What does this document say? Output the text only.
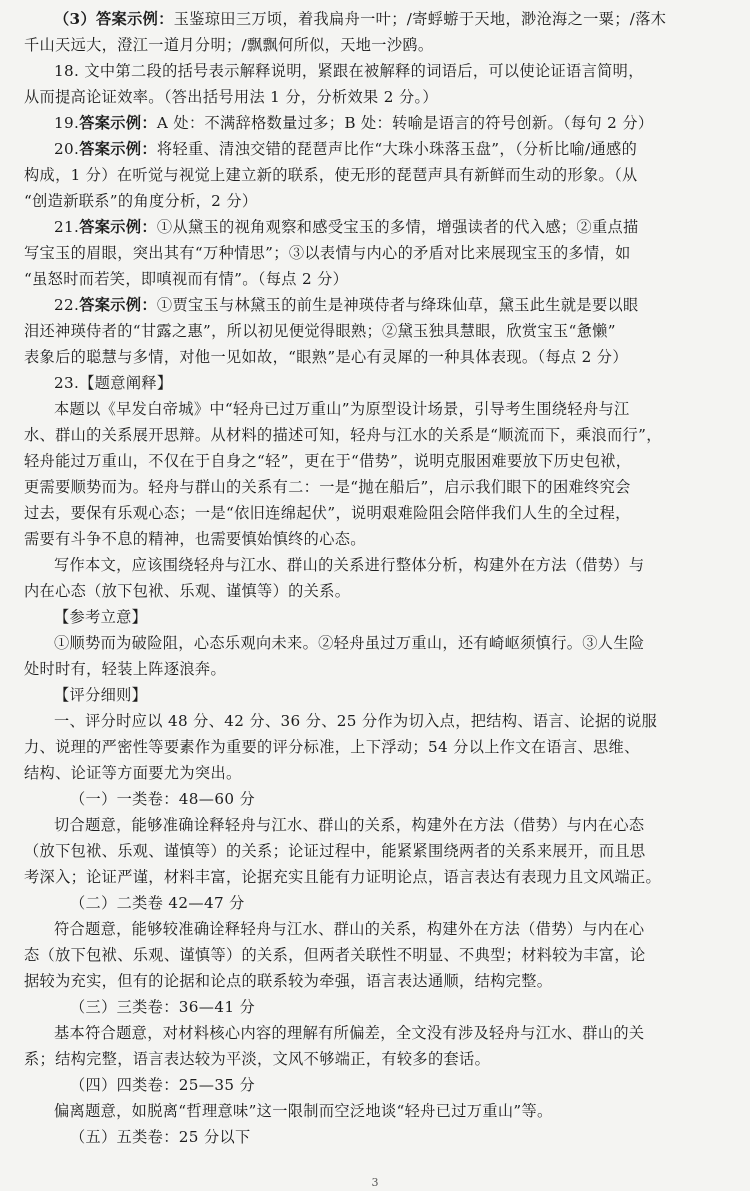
（3）答案示例：玉鉴琼田三万顷，着我扁舟一叶；/寄蜉蝣于天地，渺沧海之一粟；/落木
千山天远大，澄江一道月分明；/飘飘何所似，天地一沙鸥。
18. 文中第二段的括号表示解释说明，紧跟在被解释的词语后，可以使论证语言简明，
从而提高论证效率。（答出括号用法 1 分，分析效果 2 分。）
19.答案示例：A 处：不满辞格数量过多；B 处：转喻是语言的符号创新。（每句 2 分）
20.答案示例：将轻重、清浊交错的琵琶声比作“大珠小珠落玉盘”，（分析比喻/通感的
构成，1 分）在听觉与视觉上建立新的联系，使无形的琵琶声具有新鲜而生动的形象。（从
“创造新联系”的角度分析，2 分）
21.答案示例：①从黛玉的视角观察和感受宝玉的多情，增强读者的代入感；②重点描
写宝玉的眉眼，突出其有“万种情思”；③以表情与内心的矛盾对比来展现宝玉的多情，如
“虽怒时而若笑，即嗔视而有情”。（每点 2 分）
22.答案示例：①贾宝玉与林黛玉的前生是神瑛侍者与绛珠仙草，黛玉此生就是要以眼
泪还神瑛侍者的“甘露之惠”，所以初见便觉得眼熟；②黛玉独具慧眼，欣赏宝玉“惫懒”
表象后的聪慧与多情，对他一见如故，“眼熟”是心有灵犀的一种具体表现。（每点 2 分）
23.【题意阐释】
本题以《早发白帝城》中“轻舟已过万重山”为原型设计场景，引导考生围绕轻舟与江
水、群山的关系展开思辩。从材料的描述可知，轻舟与江水的关系是“顺流而下，乘浪而行”，
轻舟能过万重山，不仅在于自身之“轻”，更在于“借势”，说明克服困难要放下历史包袱，
更需要顺势而为。轻舟与群山的关系有二：一是“抛在船后”，启示我们眼下的困难终究会
过去，要保有乐观心态；一是“依旧连绵起伏”，说明艰难险阻会陪伴我们人生的全过程，
需要有斗争不息的精神，也需要慎始慎终的心态。
写作本文，应该围绕轻舟与江水、群山的关系进行整体分析，构建外在方法（借势）与
内在心态（放下包袱、乐观、谨慎等）的关系。
【参考立意】
①顺势而为破险阻，心态乐观向未来。②轻舟虽过万重山，还有崎岖须慎行。③人生险
处时时有，轻装上阵逐浪奔。
【评分细则】
一、评分时应以 48 分、42 分、36 分、25 分作为切入点，把结构、语言、论据的说服
力、说理的严密性等要素作为重要的评分标准，上下浮动；54 分以上作文在语言、思维、
结构、论证等方面要尤为突出。
（一）一类卷：48—60 分
切合题意，能够准确诠释轻舟与江水、群山的关系，构建外在方法（借势）与内在心态
（放下包袱、乐观、谨慎等）的关系；论证过程中，能紧紧围绕两者的关系来展开，而且思
考深入；论证严谨，材料丰富，论据充实且能有力证明论点，语言表达有表现力且文风端正。
（二）二类卷 42—47 分
符合题意，能够较准确诠释轻舟与江水、群山的关系，构建外在方法（借势）与内在心
态（放下包袱、乐观、谨慎等）的关系，但两者关联性不明显、不典型；材料较为丰富，论
据较为充实，但有的论据和论点的联系较为牵强，语言表达通顺，结构完整。
（三）三类卷：36—41 分
基本符合题意，对材料核心内容的理解有所偏差，全文没有涉及轻舟与江水、群山的关
系；结构完整，语言表达较为平淡，文风不够端正，有较多的套话。
（四）四类卷：25—35 分
偏离题意，如脱离“哲理意味”这一限制而空泛地谈“轻舟已过万重山”等。
（五）五类卷：25 分以下
3
